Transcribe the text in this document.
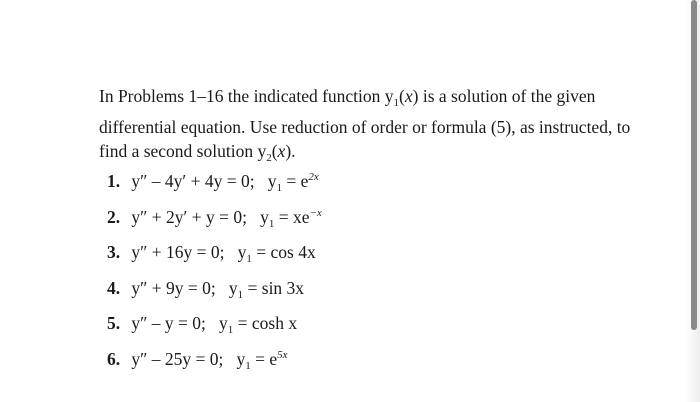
In Problems 1–16 the indicated function $y_1(x)$ is a solution of the given differential equation. Use reduction of order or formula (5), as instructed, to find a second solution $y_2(x)$.
1. y″ – 4y′ + 4y = 0;   $y_1 = e^{2x}$
2. y″ + 2y′ + y = 0;   $y_1 = xe^{-x}$
3. y″ + 16y = 0;   $y_1 = \cos 4x$
4. y″ + 9y = 0;   $y_1 = \sin 3x$
5. y″ – y = 0;   $y_1 = \cosh x$
6. y″ – 25y = 0;   $y_1 = e^{5x}$
